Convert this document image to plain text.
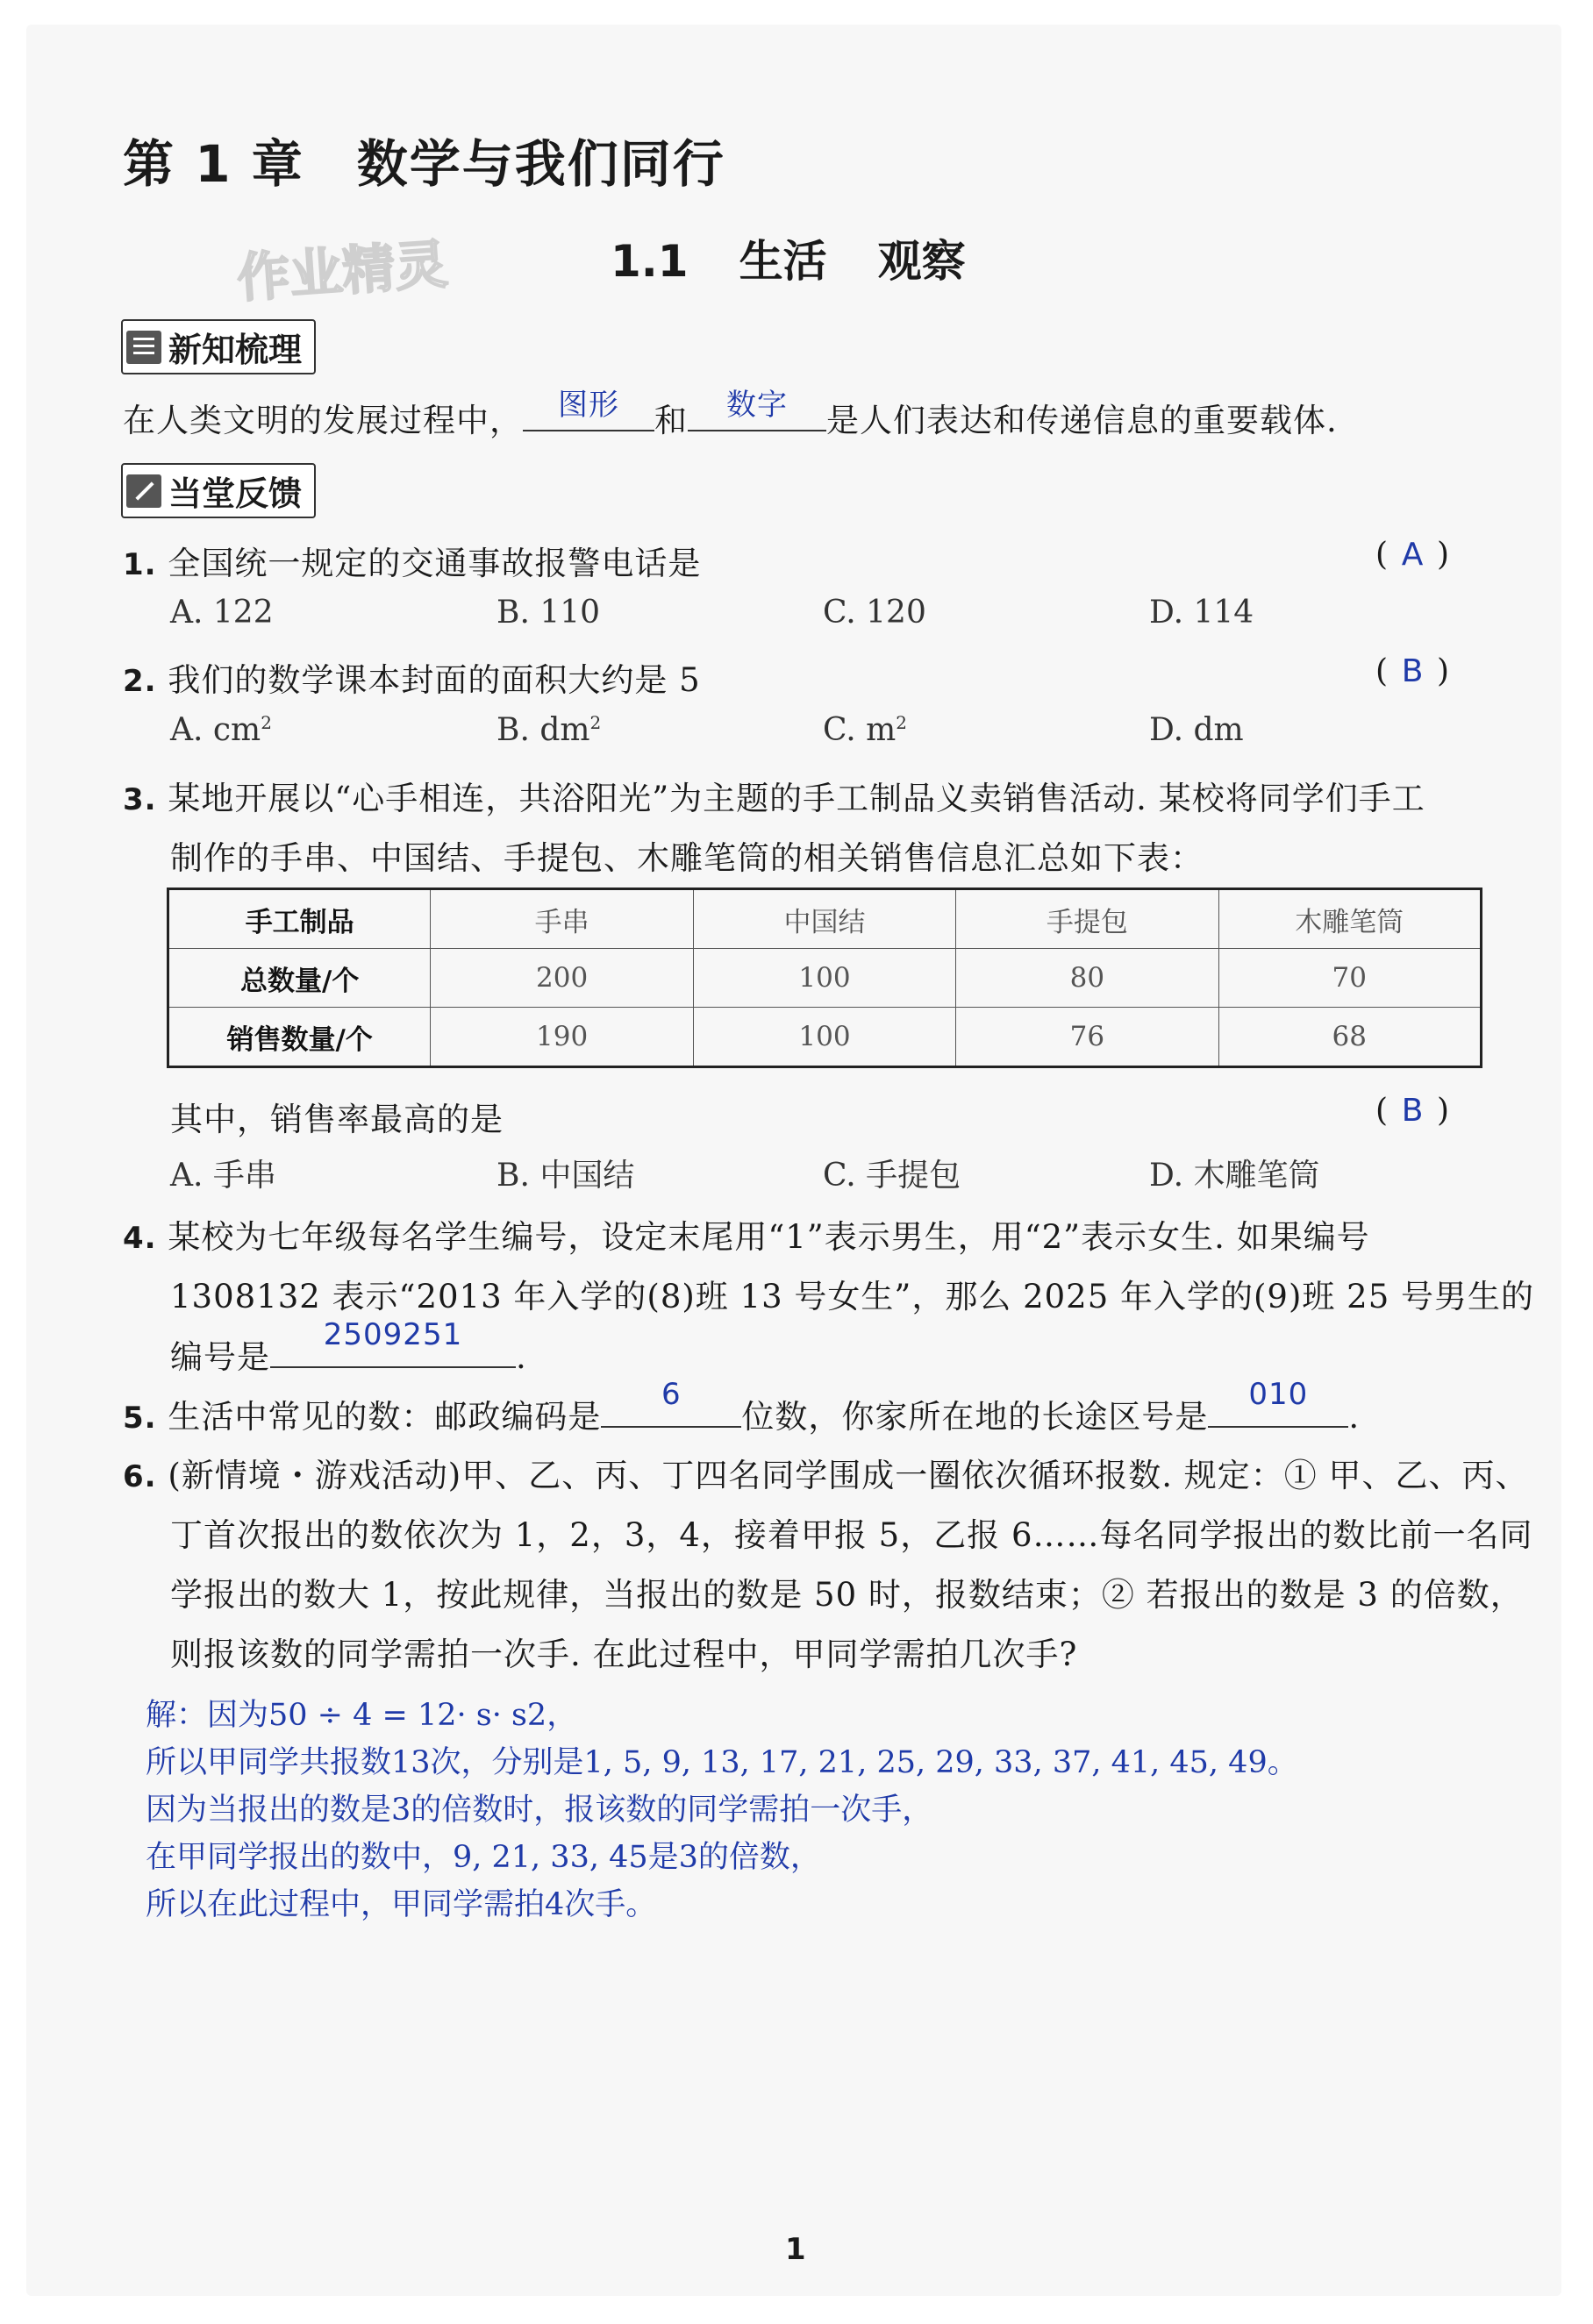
第 1 章 数学与我们同行
作业精灵	1.1 生活 观察
新知梳理
在人类文明的发展过程中，	图形	和	数字	是人们表达和传递信息的重要载体.
当堂反馈
1. 全国统一规定的交通事故报警电话是	( A )
A. 122	B. 110	C. 120	D. 114
2. 我们的数学课本封面的面积大约是 5	( B )
A. $cm^2$	B. $dm^2$	C. $m^2$	D. dm
3. 某地开展以“心手相连，共浴阳光”为主题的手工制品义卖销售活动. 某校将同学们手工
制作的手串、中国结、手提包、木雕笔筒的相关销售信息汇总如下表：
手工制品	手串	中国结	手提包	木雕笔筒
总数量/个	200	100	80	70
销售数量/个	190	100	76	68
其中，销售率最高的是	( B )
A. 手串	B. 中国结	C. 手提包	D. 木雕笔筒
4. 某校为七年级每名学生编号，设定末尾用“1”表示男生，用“2”表示女生. 如果编号
1308132 表示“2013 年入学的(8)班 13 号女生”，那么 2025 年入学的(9)班 25 号男生的
编号是
2509251
.
5. 生活中常见的数：邮政编码是
6
位数，你家所在地的长途区号是
010
.
6. (新情境・游戏活动)甲、乙、丙、丁四名同学围成一圈依次循环报数. 规定：① 甲、乙、丙、
丁首次报出的数依次为 1，2，3，4，接着甲报 5，乙报 6……每名同学报出的数比前一名同
学报出的数大 1，按此规律，当报出的数是 50 时，报数结束；② 若报出的数是 3 的倍数，
则报该数的同学需拍一次手. 在此过程中，甲同学需拍几次手?
解：因为50 ÷ 4 = 12· s· s2，
所以甲同学共报数13次，分别是1, 5, 9, 13, 17, 21, 25, 29, 33, 37, 41, 45, 49。
因为当报出的数是3的倍数时，报该数的同学需拍一次手，
在甲同学报出的数中，9, 21, 33, 45是3的倍数，
所以在此过程中，甲同学需拍4次手。
1
